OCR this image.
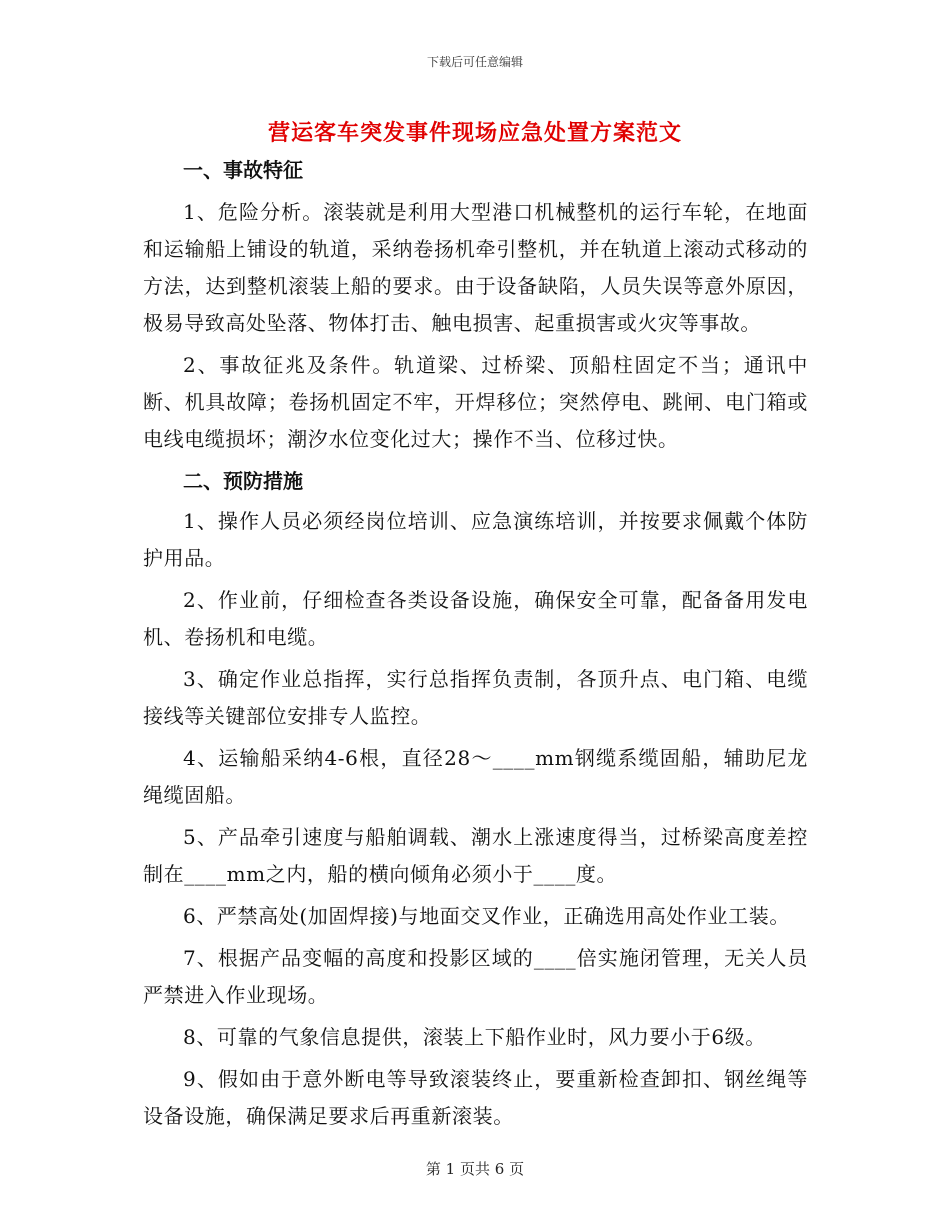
下载后可任意编辑
营运客车突发事件现场应急处置方案范文
一、事故特征

1、危险分析。滚装就是利用大型港口机械整机的运行车轮，在地面和运输船上铺设的轨道，采纳卷扬机牵引整机，并在轨道上滚动式移动的方法，达到整机滚装上船的要求。由于设备缺陷，人员失误等意外原因，极易导致高处坠落、物体打击、触电损害、起重损害或火灾等事故。

2、事故征兆及条件。轨道梁、过桥梁、顶船柱固定不当；通讯中断、机具故障；卷扬机固定不牢，开焊移位；突然停电、跳闸、电门箱或电线电缆损坏；潮汐水位变化过大；操作不当、位移过快。

二、预防措施

1、操作人员必须经岗位培训、应急演练培训，并按要求佩戴个体防护用品。

2、作业前，仔细检查各类设备设施，确保安全可靠，配备备用发电机、卷扬机和电缆。

3、确定作业总指挥，实行总指挥负责制，各顶升点、电门箱、电缆接线等关键部位安排专人监控。

4、运输船采纳4-6根，直径28～____mm钢缆系缆固船，辅助尼龙绳缆固船。

5、产品牵引速度与船舶调载、潮水上涨速度得当，过桥梁高度差控制在____mm之内，船的横向倾角必须小于____度。

6、严禁高处(加固焊接)与地面交叉作业，正确选用高处作业工装。

7、根据产品变幅的高度和投影区域的____倍实施闭管理，无关人员严禁进入作业现场。

8、可靠的气象信息提供，滚装上下船作业时，风力要小于6级。

9、假如由于意外断电等导致滚装终止，要重新检查卸扣、钢丝绳等设备设施，确保满足要求后再重新滚装。

第 1 页共 6 页
